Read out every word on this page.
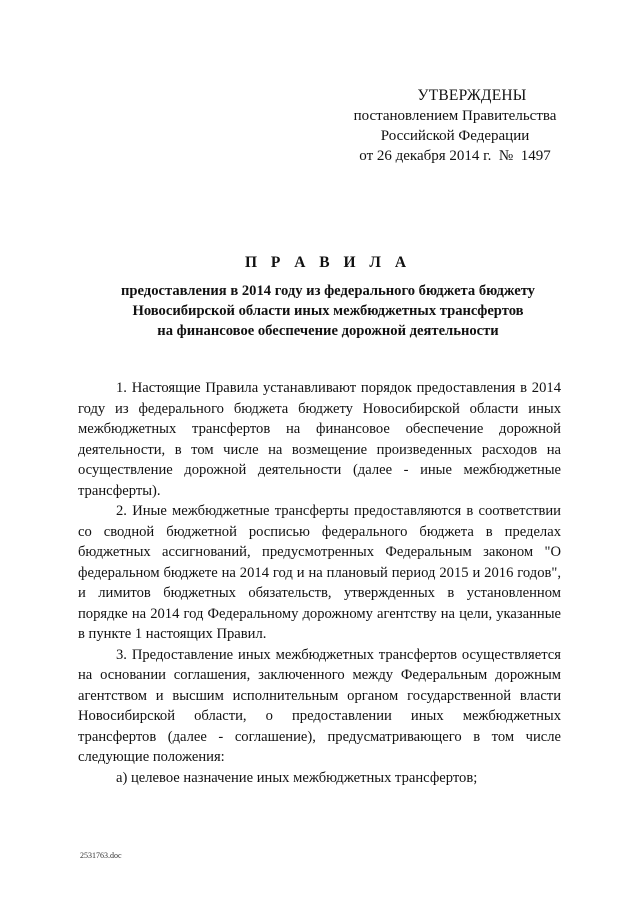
УТВЕРЖДЕНЫ
постановлением Правительства
Российской Федерации
от 26 декабря 2014 г.  №  1497
П Р А В И Л А
предоставления в 2014 году из федерального бюджета бюджету
Новосибирской области иных межбюджетных трансфертов
на финансовое обеспечение дорожной деятельности

1. Настоящие Правила устанавливают порядок предоставления в 2014 году из федерального бюджета бюджету Новосибирской области иных межбюджетных трансфертов на финансовое обеспечение дорожной деятельности, в том числе на возмещение произведенных расходов на осуществление дорожной деятельности (далее - иные межбюджетные трансферты).

2. Иные межбюджетные трансферты предоставляются в соответствии со сводной бюджетной росписью федерального бюджета в пределах бюджетных ассигнований, предусмотренных Федеральным законом "О федеральном бюджете на 2014 год и на плановый период 2015 и 2016 годов", и лимитов бюджетных обязательств, утвержденных в установленном порядке на 2014 год Федеральному дорожному агентству на цели, указанные в пункте 1 настоящих Правил.

3. Предоставление иных межбюджетных трансфертов осуществляется на основании соглашения, заключенного между Федеральным дорожным агентством и высшим исполнительным органом государственной власти Новосибирской области, о предоставлении иных межбюджетных трансфертов (далее - соглашение), предусматривающего в том числе следующие положения:

а) целевое назначение иных межбюджетных трансфертов;

2531763.doc
